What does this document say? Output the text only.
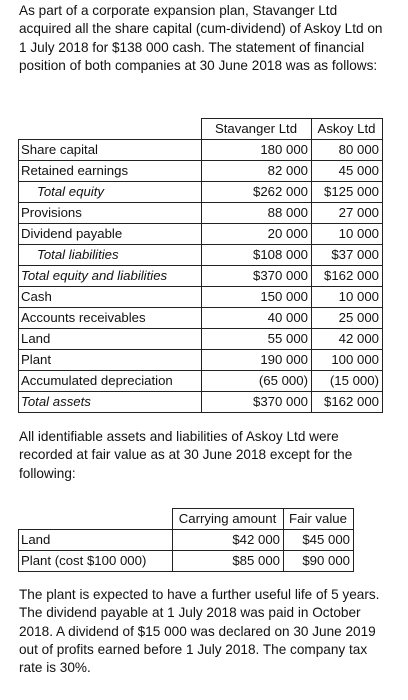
As part of a corporate expansion plan, Stavanger Ltd acquired all the share capital (cum-dividend) of Askoy Ltd on 1 July 2018 for $138 000 cash. The statement of financial position of both companies at 30 June 2018 was as follows:

	Stavanger Ltd	Askoy Ltd
Share capital	180 000	80 000
Retained earnings	82 000	45 000
Total equity	$262 000	$125 000
Provisions	88 000	27 000
Dividend payable	20 000	10 000
Total liabilities	$108 000	$37 000
Total equity and liabilities	$370 000	$162 000
Cash	150 000	10 000
Accounts receivables	40 000	25 000
Land	55 000	42 000
Plant	190 000	100 000
Accumulated depreciation	(65 000)	(15 000)
Total assets	$370 000	$162 000

All identifiable assets and liabilities of Askoy Ltd were recorded at fair value as at 30 June 2018 except for the following:

	Carrying amount	Fair value
Land	$42 000	$45 000
Plant (cost $100 000)	$85 000	$90 000

The plant is expected to have a further useful life of 5 years. The dividend payable at 1 July 2018 was paid in October 2018. A dividend of $15 000 was declared on 30 June 2019 out of profits earned before 1 July 2018. The company tax rate is 30%.
